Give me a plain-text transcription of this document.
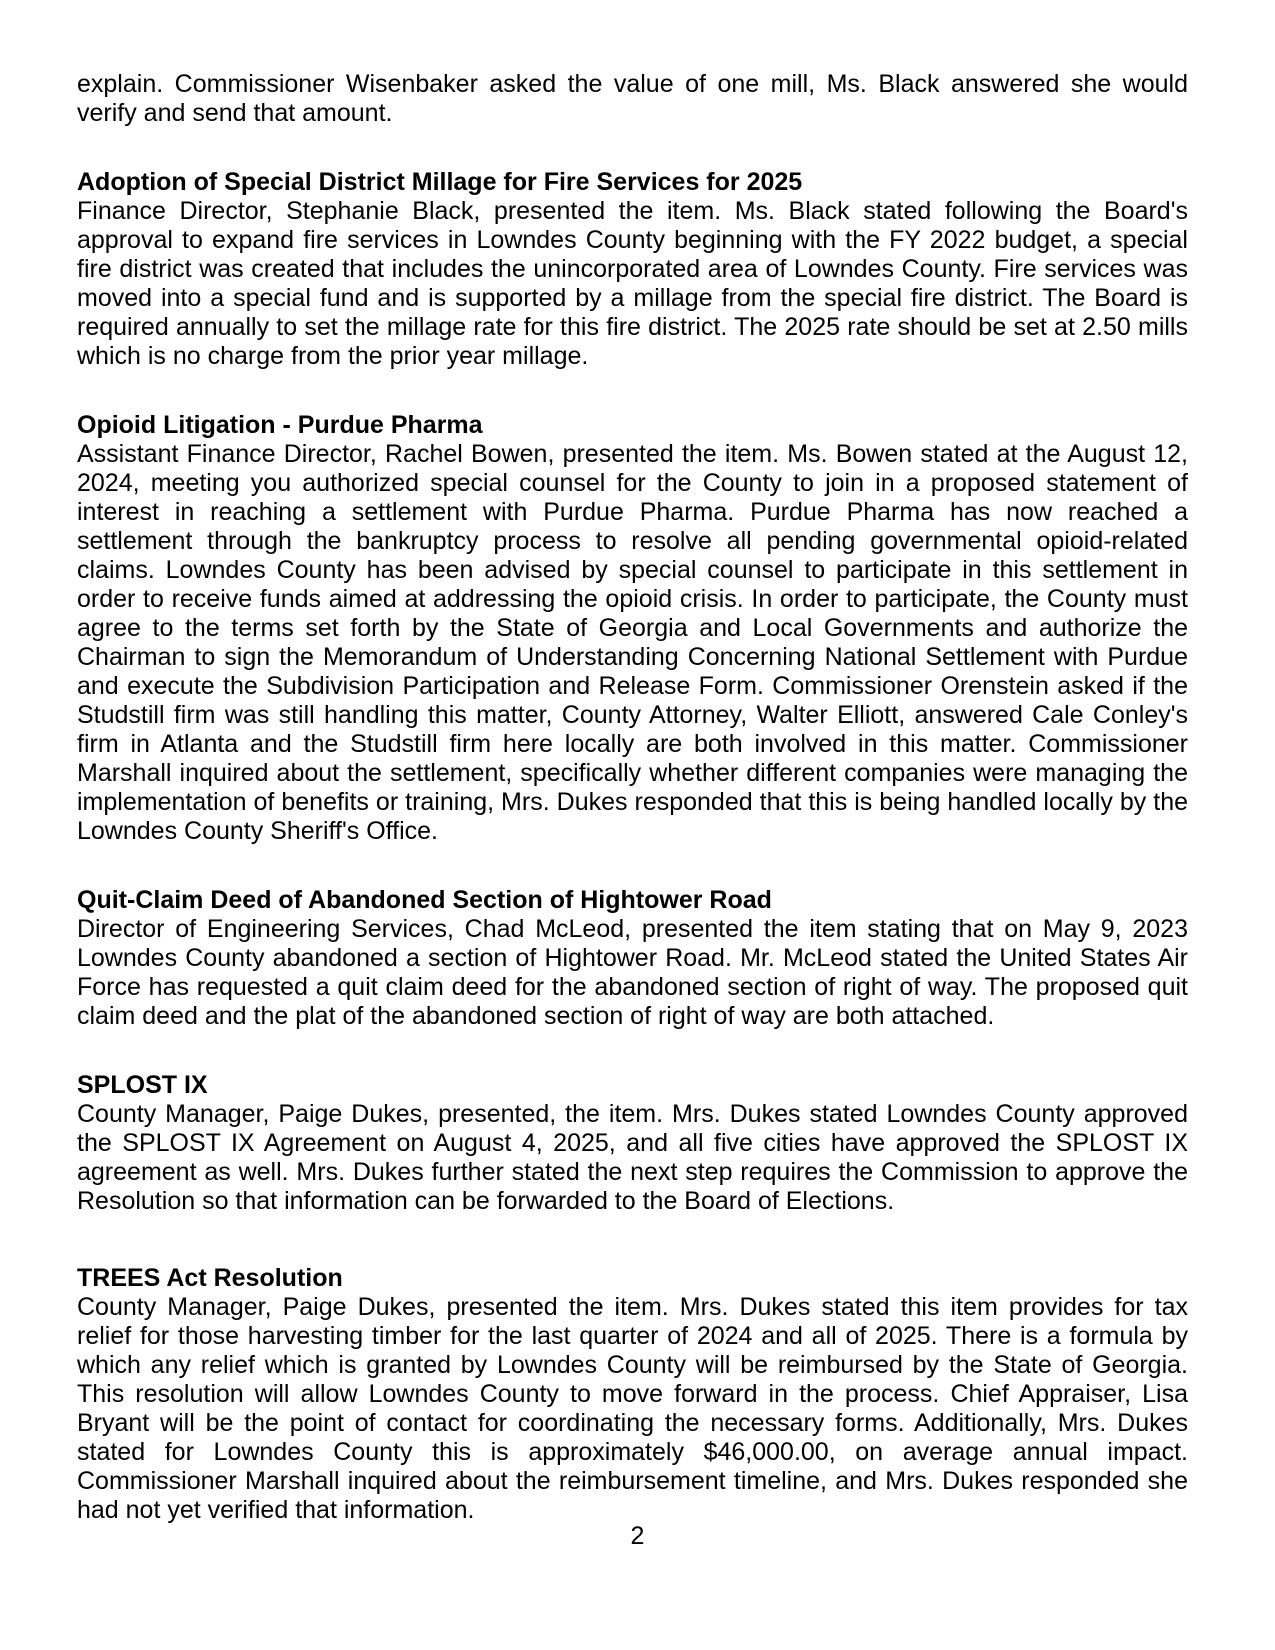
explain. Commissioner Wisenbaker asked the value of one mill, Ms. Black answered she would verify and send that amount.

Adoption of Special District Millage for Fire Services for 2025

Finance Director, Stephanie Black, presented the item. Ms. Black stated following the Board's approval to expand fire services in Lowndes County beginning with the FY 2022 budget, a special fire district was created that includes the unincorporated area of Lowndes County. Fire services was moved into a special fund and is supported by a millage from the special fire district. The Board is required annually to set the millage rate for this fire district. The 2025 rate should be set at 2.50 mills which is no charge from the prior year millage.

Opioid Litigation - Purdue Pharma

Assistant Finance Director, Rachel Bowen, presented the item. Ms. Bowen stated at the August 12, 2024, meeting you authorized special counsel for the County to join in a proposed statement of interest in reaching a settlement with Purdue Pharma. Purdue Pharma has now reached a settlement through the bankruptcy process to resolve all pending governmental opioid-related claims. Lowndes County has been advised by special counsel to participate in this settlement in order to receive funds aimed at addressing the opioid crisis. In order to participate, the County must agree to the terms set forth by the State of Georgia and Local Governments and authorize the Chairman to sign the Memorandum of Understanding Concerning National Settlement with Purdue and execute the Subdivision Participation and Release Form. Commissioner Orenstein asked if the Studstill firm was still handling this matter, County Attorney, Walter Elliott, answered Cale Conley's firm in Atlanta and the Studstill firm here locally are both involved in this matter. Commissioner Marshall inquired about the settlement, specifically whether different companies were managing the implementation of benefits or training, Mrs. Dukes responded that this is being handled locally by the Lowndes County Sheriff's Office.

Quit-Claim Deed of Abandoned Section of Hightower Road

Director of Engineering Services, Chad McLeod, presented the item stating that on May 9, 2023 Lowndes County abandoned a section of Hightower Road. Mr. McLeod stated the United States Air Force has requested a quit claim deed for the abandoned section of right of way. The proposed quit claim deed and the plat of the abandoned section of right of way are both attached.

SPLOST IX

County Manager, Paige Dukes, presented, the item. Mrs. Dukes stated Lowndes County approved the SPLOST IX Agreement on August 4, 2025, and all five cities have approved the SPLOST IX agreement as well. Mrs. Dukes further stated the next step requires the Commission to approve the Resolution so that information can be forwarded to the Board of Elections.

TREES Act Resolution

County Manager, Paige Dukes, presented the item. Mrs. Dukes stated this item provides for tax relief for those harvesting timber for the last quarter of 2024 and all of 2025. There is a formula by which any relief which is granted by Lowndes County will be reimbursed by the State of Georgia. This resolution will allow Lowndes County to move forward in the process. Chief Appraiser, Lisa Bryant will be the point of contact for coordinating the necessary forms. Additionally, Mrs. Dukes stated for Lowndes County this is approximately $46,000.00, on average annual impact. Commissioner Marshall inquired about the reimbursement timeline, and Mrs. Dukes responded she had not yet verified that information.

2
